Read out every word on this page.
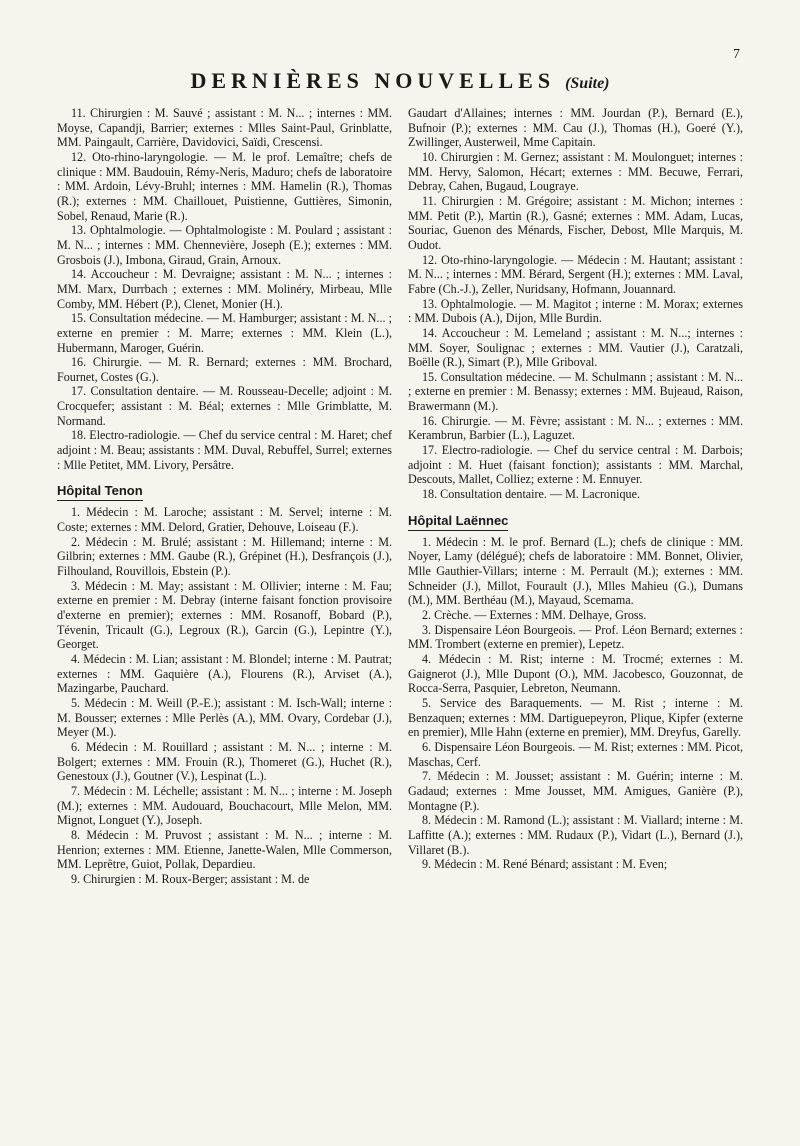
7
DERNIÈRES NOUVELLES (Suite)

11. Chirurgien : M. Sauvé ; assistant : M. N... ; internes : MM. Moyse, Capandji, Barrier; externes : Mlles Saint-Paul, Grinblatte, MM. Paingault, Carrière, Davidovici, Saïdi, Crescensi.

12. Oto-rhino-laryngologie. — M. le prof. Lemaître; chefs de clinique : MM. Baudouin, Rémy-Neris, Maduro; chefs de laboratoire : MM. Ardoin, Lévy-Bruhl; internes : MM. Hamelin (R.), Thomas (R.); externes : MM. Chaillouet, Puistienne, Guttières, Simonin, Sobel, Renaud, Marie (R.).

13. Ophtalmologie. — Ophtalmologiste : M. Poulard ; assistant : M. N... ; internes : MM. Chennevière, Joseph (E.); externes : MM. Grosbois (J.), Imbona, Giraud, Grain, Arnoux.

14. Accoucheur : M. Devraigne; assistant : M. N... ; internes : MM. Marx, Durrbach ; externes : MM. Molinéry, Mirbeau, Mlle Comby, MM. Hébert (P.), Clenet, Monier (H.).

15. Consultation médecine. — M. Hamburger; assistant : M. N... ; externe en premier : M. Marre; externes : MM. Klein (L.), Hubermann, Maroger, Guérin.

16. Chirurgie. — M. R. Bernard; externes : MM. Brochard, Fournet, Costes (G.).

17. Consultation dentaire. — M. Rousseau-Decelle; adjoint : M. Crocquefer; assistant : M. Béal; externes : Mlle Grimblatte, M. Normand.

18. Electro-radiologie. — Chef du service central : M. Haret; chef adjoint : M. Beau; assistants : MM. Duval, Rebuffel, Surrel; externes : Mlle Petitet, MM. Livory, Persâtre.

Hôpital Tenon

1. Médecin : M. Laroche; assistant : M. Servel; interne : M. Coste; externes : MM. Delord, Gratier, Dehouve, Loiseau (F.).

2. Médecin : M. Brulé; assistant : M. Hillemand; interne : M. Gilbrin; externes : MM. Gaube (R.), Grépinet (H.), Desfrançois (J.), Filhouland, Rouvillois, Ebstein (P.).

3. Médecin : M. May; assistant : M. Ollivier; interne : M. Fau; externe en premier : M. Debray (interne faisant fonction provisoire d'externe en premier); externes : MM. Rosanoff, Bobard (P.), Tévenin, Tricault (G.), Legroux (R.), Garcin (G.), Lepintre (Y.), Georget.

4. Médecin : M. Lian; assistant : M. Blondel; interne : M. Pautrat; externes : MM. Gaquière (A.), Flourens (R.), Arviset (A.), Mazingarbe, Pauchard.

5. Médecin : M. Weill (P.-E.); assistant : M. Isch-Wall; interne : M. Bousser; externes : Mlle Perlès (A.), MM. Ovary, Cordebar (J.), Meyer (M.).

6. Médecin : M. Rouillard ; assistant : M. N... ; interne : M. Bolgert; externes : MM. Frouin (R.), Thomeret (G.), Huchet (R.), Genestoux (J.), Goutner (V.), Lespinat (L.).

7. Médecin : M. Léchelle; assistant : M. N... ; interne : M. Joseph (M.); externes : MM. Audouard, Bouchacourt, Mlle Melon, MM. Mignot, Longuet (Y.), Joseph.

8. Médecin : M. Pruvost ; assistant : M. N... ; interne : M. Henrion; externes : MM. Etienne, Janette-Walen, Mlle Commerson, MM. Leprêtre, Guiot, Pollak, Depardieu.

9. Chirurgien : M. Roux-Berger; assistant : M. de

Gaudart d'Allaines; internes : MM. Jourdan (P.), Bernard (E.), Bufnoir (P.); externes : MM. Cau (J.), Thomas (H.), Goeré (Y.), Zwillinger, Austerweil, Mme Capitain.

10. Chirurgien : M. Gernez; assistant : M. Moulonguet; internes : MM. Hervy, Salomon, Hécart; externes : MM. Becuwe, Ferrari, Debray, Cahen, Bugaud, Lougraye.

11. Chirurgien : M. Grégoire; assistant : M. Michon; internes : MM. Petit (P.), Martin (R.), Gasné; externes : MM. Adam, Lucas, Souriac, Guenon des Ménards, Fischer, Debost, Mlle Marquis, M. Oudot.

12. Oto-rhino-laryngologie. — Médecin : M. Hautant; assistant : M. N... ; internes : MM. Bérard, Sergent (H.); externes : MM. Laval, Fabre (Ch.-J.), Zeller, Nuridsany, Hofmann, Jouannard.

13. Ophtalmologie. — M. Magitot ; interne : M. Morax; externes : MM. Dubois (A.), Dijon, Mlle Burdin.

14. Accoucheur : M. Lemeland ; assistant : M. N...; internes : MM. Soyer, Soulignac ; externes : MM. Vautier (J.), Caratzali, Boëlle (R.), Simart (P.), Mlle Griboval.

15. Consultation médecine. — M. Schulmann ; assistant : M. N... ; externe en premier : M. Benassy; externes : MM. Bujeaud, Raison, Brawermann (M.).

16. Chirurgie. — M. Fèvre; assistant : M. N... ; externes : MM. Kerambrun, Barbier (L.), Laguzet.

17. Electro-radiologie. — Chef du service central : M. Darbois; adjoint : M. Huet (faisant fonction); assistants : MM. Marchal, Descouts, Mallet, Colliez; externe : M. Ennuyer.

18. Consultation dentaire. — M. Lacronique.

Hôpital Laënnec

1. Médecin : M. le prof. Bernard (L.); chefs de clinique : MM. Noyer, Lamy (délégué); chefs de laboratoire : MM. Bonnet, Olivier, Mlle Gauthier-Villars; interne : M. Perrault (M.); externes : MM. Schneider (J.), Millot, Fourault (J.), Mlles Mahieu (G.), Dumans (M.), MM. Berthéau (M.), Mayaud, Scemama.

2. Crèche. — Externes : MM. Delhaye, Gross.

3. Dispensaire Léon Bourgeois. — Prof. Léon Bernard; externes : MM. Trombert (externe en premier), Lepetz.

4. Médecin : M. Rist; interne : M. Trocmé; externes : M. Gaignerot (J.), Mlle Dupont (O.), MM. Jacobesco, Gouzonnat, de Rocca-Serra, Pasquier, Lebreton, Neumann.

5. Service des Baraquements. — M. Rist ; interne : M. Benzaquen; externes : MM. Dartiguepeyron, Plique, Kipfer (externe en premier), Mlle Hahn (externe en premier), MM. Dreyfus, Garelly.

6. Dispensaire Léon Bourgeois. — M. Rist; externes : MM. Picot, Maschas, Cerf.

7. Médecin : M. Jousset; assistant : M. Guérin; interne : M. Gadaud; externes : Mme Jousset, MM. Amigues, Ganière (P.), Montagne (P.).

8. Médecin : M. Ramond (L.); assistant : M. Viallard; interne : M. Laffitte (A.); externes : MM. Rudaux (P.), Vidart (L.), Bernard (J.), Villaret (B.).

9. Médecin : M. René Bénard; assistant : M. Even;
